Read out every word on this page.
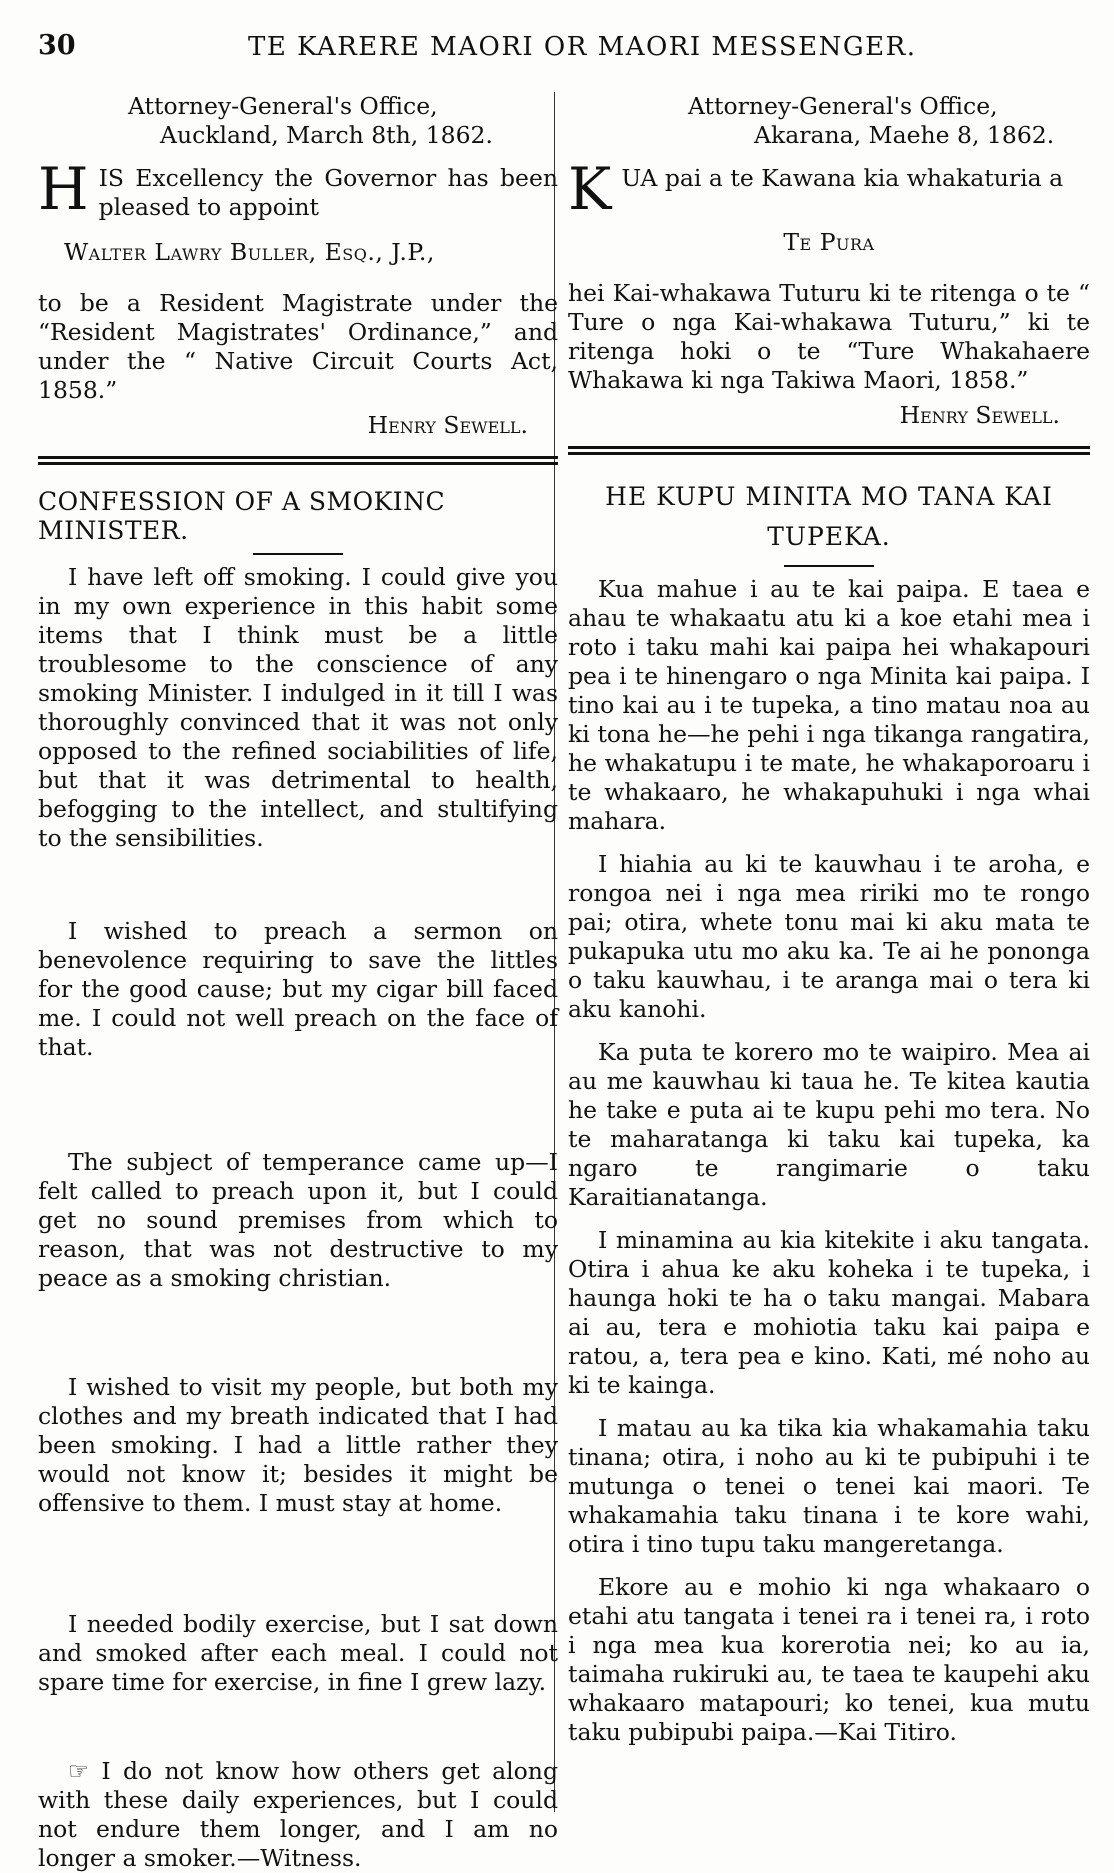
30	TE KARERE MAORI OR MAORI MESSENGER.

Attorney-General's Office,

Auckland, March 8th, 1862.

H IS Excellency the Governor has been pleased to appoint

Walter Lawry Buller, Esq., J.P.,

to be a Resident Magistrate under the “Resident Magistrates' Ordinance,” and under the “ Native Circuit Courts Act, 1858.”

Henry Sewell.

CONFESSION OF A SMOKINC MINISTER.

I have left off smoking. I could give you in my own experience in this habit some items that I think must be a little troublesome to the conscience of any smoking Minister. I indulged in it till I was thoroughly convinced that it was not only opposed to the refined sociabilities of life, but that it was detrimental to health, befogging to the intellect, and stultifying to the sensibilities.

I wished to preach a sermon on benevolence requiring to save the littles for the good cause; but my cigar bill faced me. I could not well preach on the face of that.

The subject of temperance came up—I felt called to preach upon it, but I could get no sound premises from which to reason, that was not destructive to my peace as a smoking christian.

I wished to visit my people, but both my clothes and my breath indicated that I had been smoking. I had a little rather they would not know it; besides it might be offensive to them. I must stay at home.

I needed bodily exercise, but I sat down and smoked after each meal. I could not spare time for exercise, in fine I grew lazy.

☞ I do not know how others get along with these daily experiences, but I could not endure them longer, and I am no longer a smoker.—Witness.

Attorney-General's Office,

Akarana, Maehe 8, 1862.

K UA pai a te Kawana kia whakaturia a

Te Pura

hei Kai-whakawa Tuturu ki te ritenga o te “ Ture o nga Kai-whakawa Tuturu,” ki te ritenga hoki o te “Ture Whakahaere Whakawa ki nga Takiwa Maori, 1858.”

Henry Sewell.

HE KUPU MINITA MO TANA KAI
TUPEKA.

Kua mahue i au te kai paipa. E taea e ahau te whakaatu atu ki a koe etahi mea i roto i taku mahi kai paipa hei whakapouri pea i te hinengaro o nga Minita kai paipa. I tino kai au i te tupeka, a tino matau noa au ki tona he—he pehi i nga tikanga rangatira, he whakatupu i te mate, he whakaporoaru i te whakaaro, he whakapuhuki i nga whai mahara.

I hiahia au ki te kauwhau i te aroha, e rongoa nei i nga mea ririki mo te rongo pai; otira, whete tonu mai ki aku mata te pukapuka utu mo aku ka. Te ai he pononga o taku kauwhau, i te aranga mai o tera ki aku kanohi.

Ka puta te korero mo te waipiro. Mea ai au me kauwhau ki taua he. Te kitea kautia he take e puta ai te kupu pehi mo tera. No te maharatanga ki taku kai tupeka, ka ngaro te rangimarie o taku Karaitianatanga.

I minamina au kia kitekite i aku tangata. Otira i ahua ke aku koheka i te tupeka, i haunga hoki te ha o taku mangai. Mabara ai au, tera e mohiotia taku kai paipa e ratou, a, tera pea e kino. Kati, mé noho au ki te kainga.

I matau au ka tika kia whakamahia taku tinana; otira, i noho au ki te pubipuhi i te mutunga o tenei o tenei kai maori. Te whakamahia taku tinana i te kore wahi, otira i tino tupu taku mangeretanga.

Ekore au e mohio ki nga whakaaro o etahi atu tangata i tenei ra i tenei ra, i roto i nga mea kua korerotia nei; ko au ia, taimaha rukiruki au, te taea te kaupehi aku whakaaro matapouri; ko tenei, kua mutu taku pubipubi paipa.—Kai Titiro.
